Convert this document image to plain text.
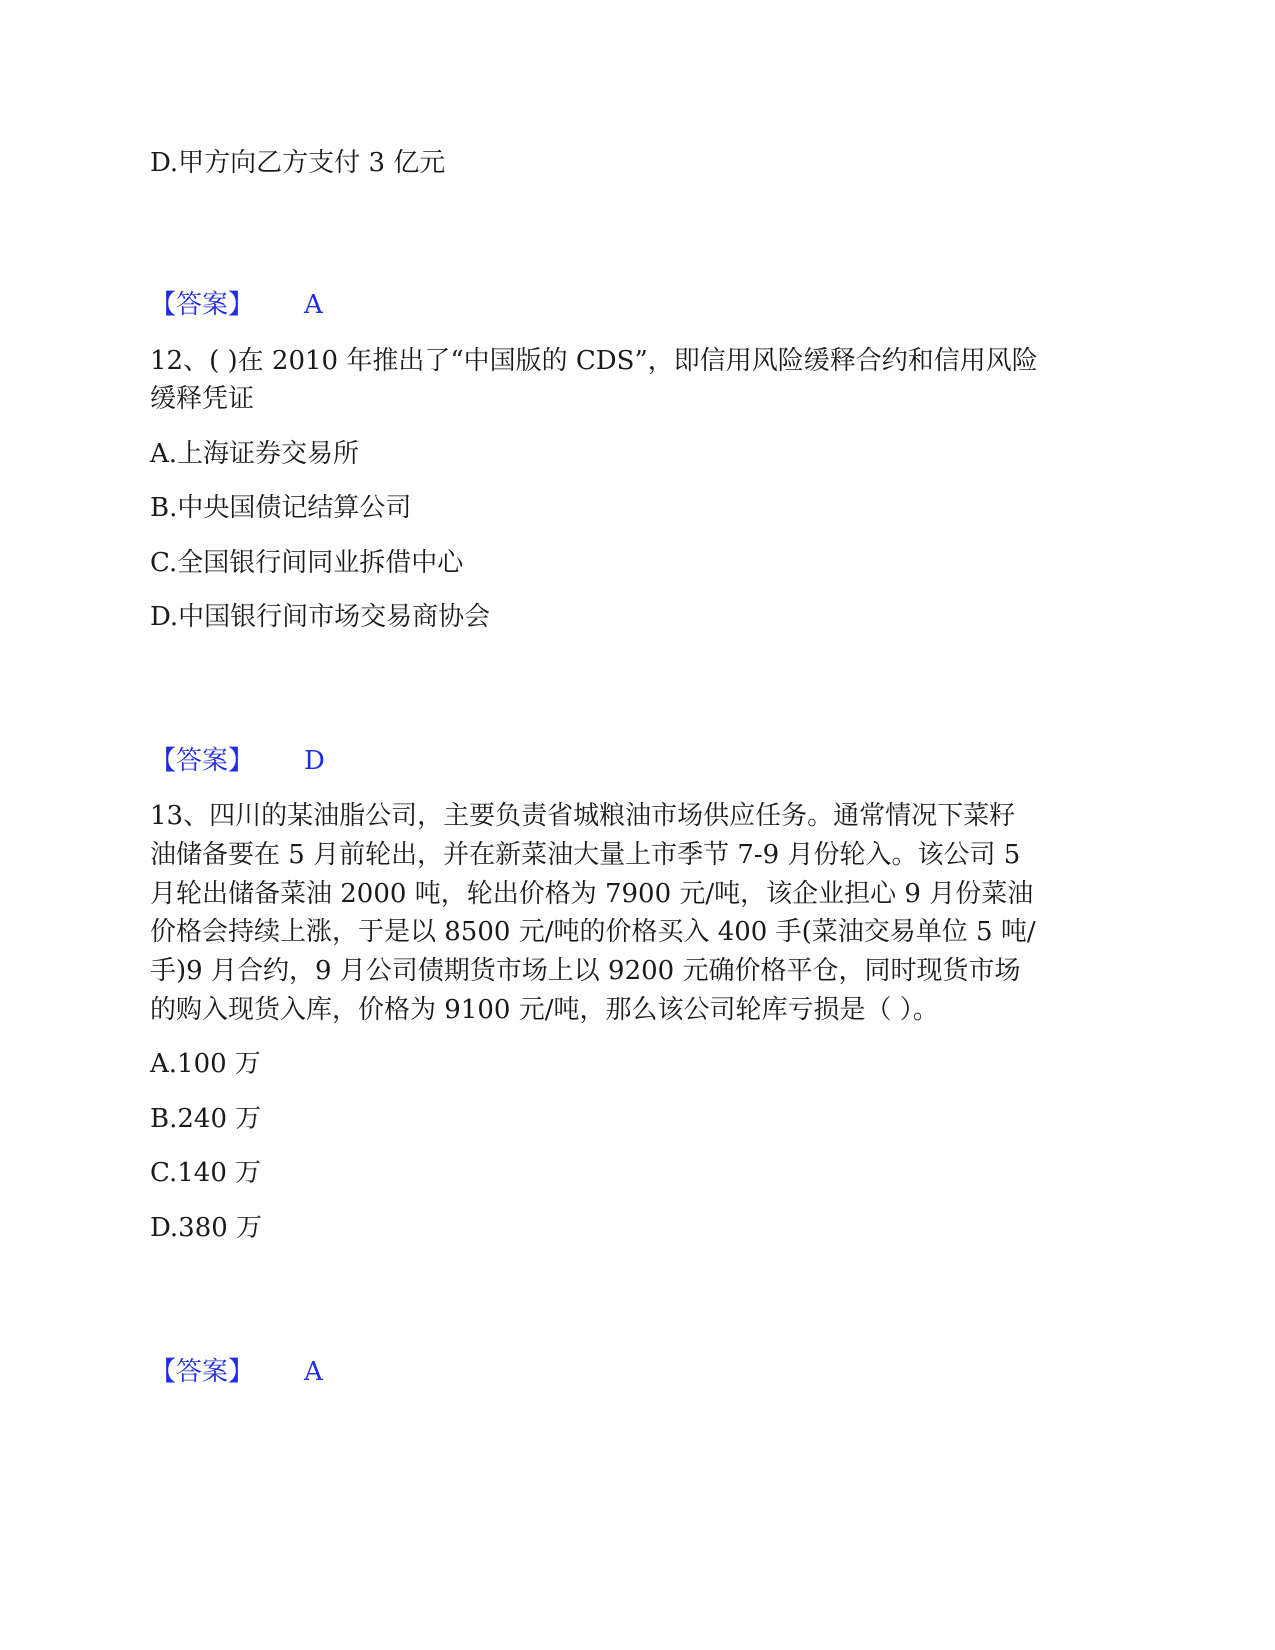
D.甲方向乙方支付 3 亿元
【答案】 A
12、( )在 2010 年推出了“中国版的 CDS”，即信用风险缓释合约和信用风险
缓释凭证
A.上海证券交易所
B.中央国债记结算公司
C.全国银行间同业拆借中心
D.中国银行间市场交易商协会
【答案】 D
13、四川的某油脂公司，主要负责省城粮油市场供应任务。通常情况下菜籽
油储备要在 5 月前轮出，并在新菜油大量上市季节 7-9 月份轮入。该公司 5
月轮出储备菜油 2000 吨，轮出价格为 7900 元/吨，该企业担心 9 月份菜油
价格会持续上涨，于是以 8500 元/吨的价格买入 400 手(菜油交易单位 5 吨/
手)9 月合约，9 月公司债期货市场上以 9200 元确价格平仓，同时现货市场
的购入现货入库，价格为 9100 元/吨，那么该公司轮库亏损是（ ）。
A.100 万
B.240 万
C.140 万
D.380 万
【答案】 A
